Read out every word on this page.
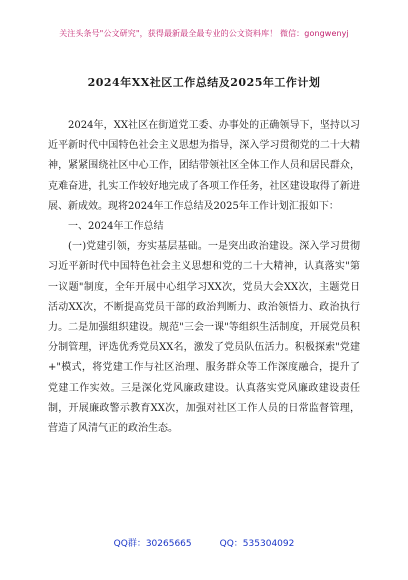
关注头条号"公文研究"，获得最新最全最专业的公文资料库！ 微信：gongwenyj
2024年XX社区工作总结及2025年工作计划

2024年，XX社区在街道党工委、办事处的正确领导下，坚持以习近平新时代中国特色社会主义思想为指导，深入学习贯彻党的二十大精神，紧紧围绕社区中心工作，团结带领社区全体工作人员和居民群众，克难奋进，扎实工作较好地完成了各项工作任务，社区建设取得了新进展、新成效。现将2024年工作总结及2025年工作计划汇报如下：

一、2024年工作总结

(一)党建引领，夯实基层基础。一是突出政治建设。深入学习贯彻习近平新时代中国特色社会主义思想和党的二十大精神，认真落实"第一议题"制度，全年开展中心组学习XX次，党员大会XX次，主题党日活动XX次，不断提高党员干部的政治判断力、政治领悟力、政治执行力。二是加强组织建设。规范"三会一课"等组织生活制度，开展党员积分制管理，评选优秀党员XX名，激发了党员队伍活力。积极探索"党建+"模式，将党建工作与社区治理、服务群众等工作深度融合，提升了党建工作实效。三是深化党风廉政建设。认真落实党风廉政建设责任制，开展廉政警示教育XX次，加强对社区工作人员的日常监督管理，营造了风清气正的政治生态。

QQ群：30265665	QQ：535304092
